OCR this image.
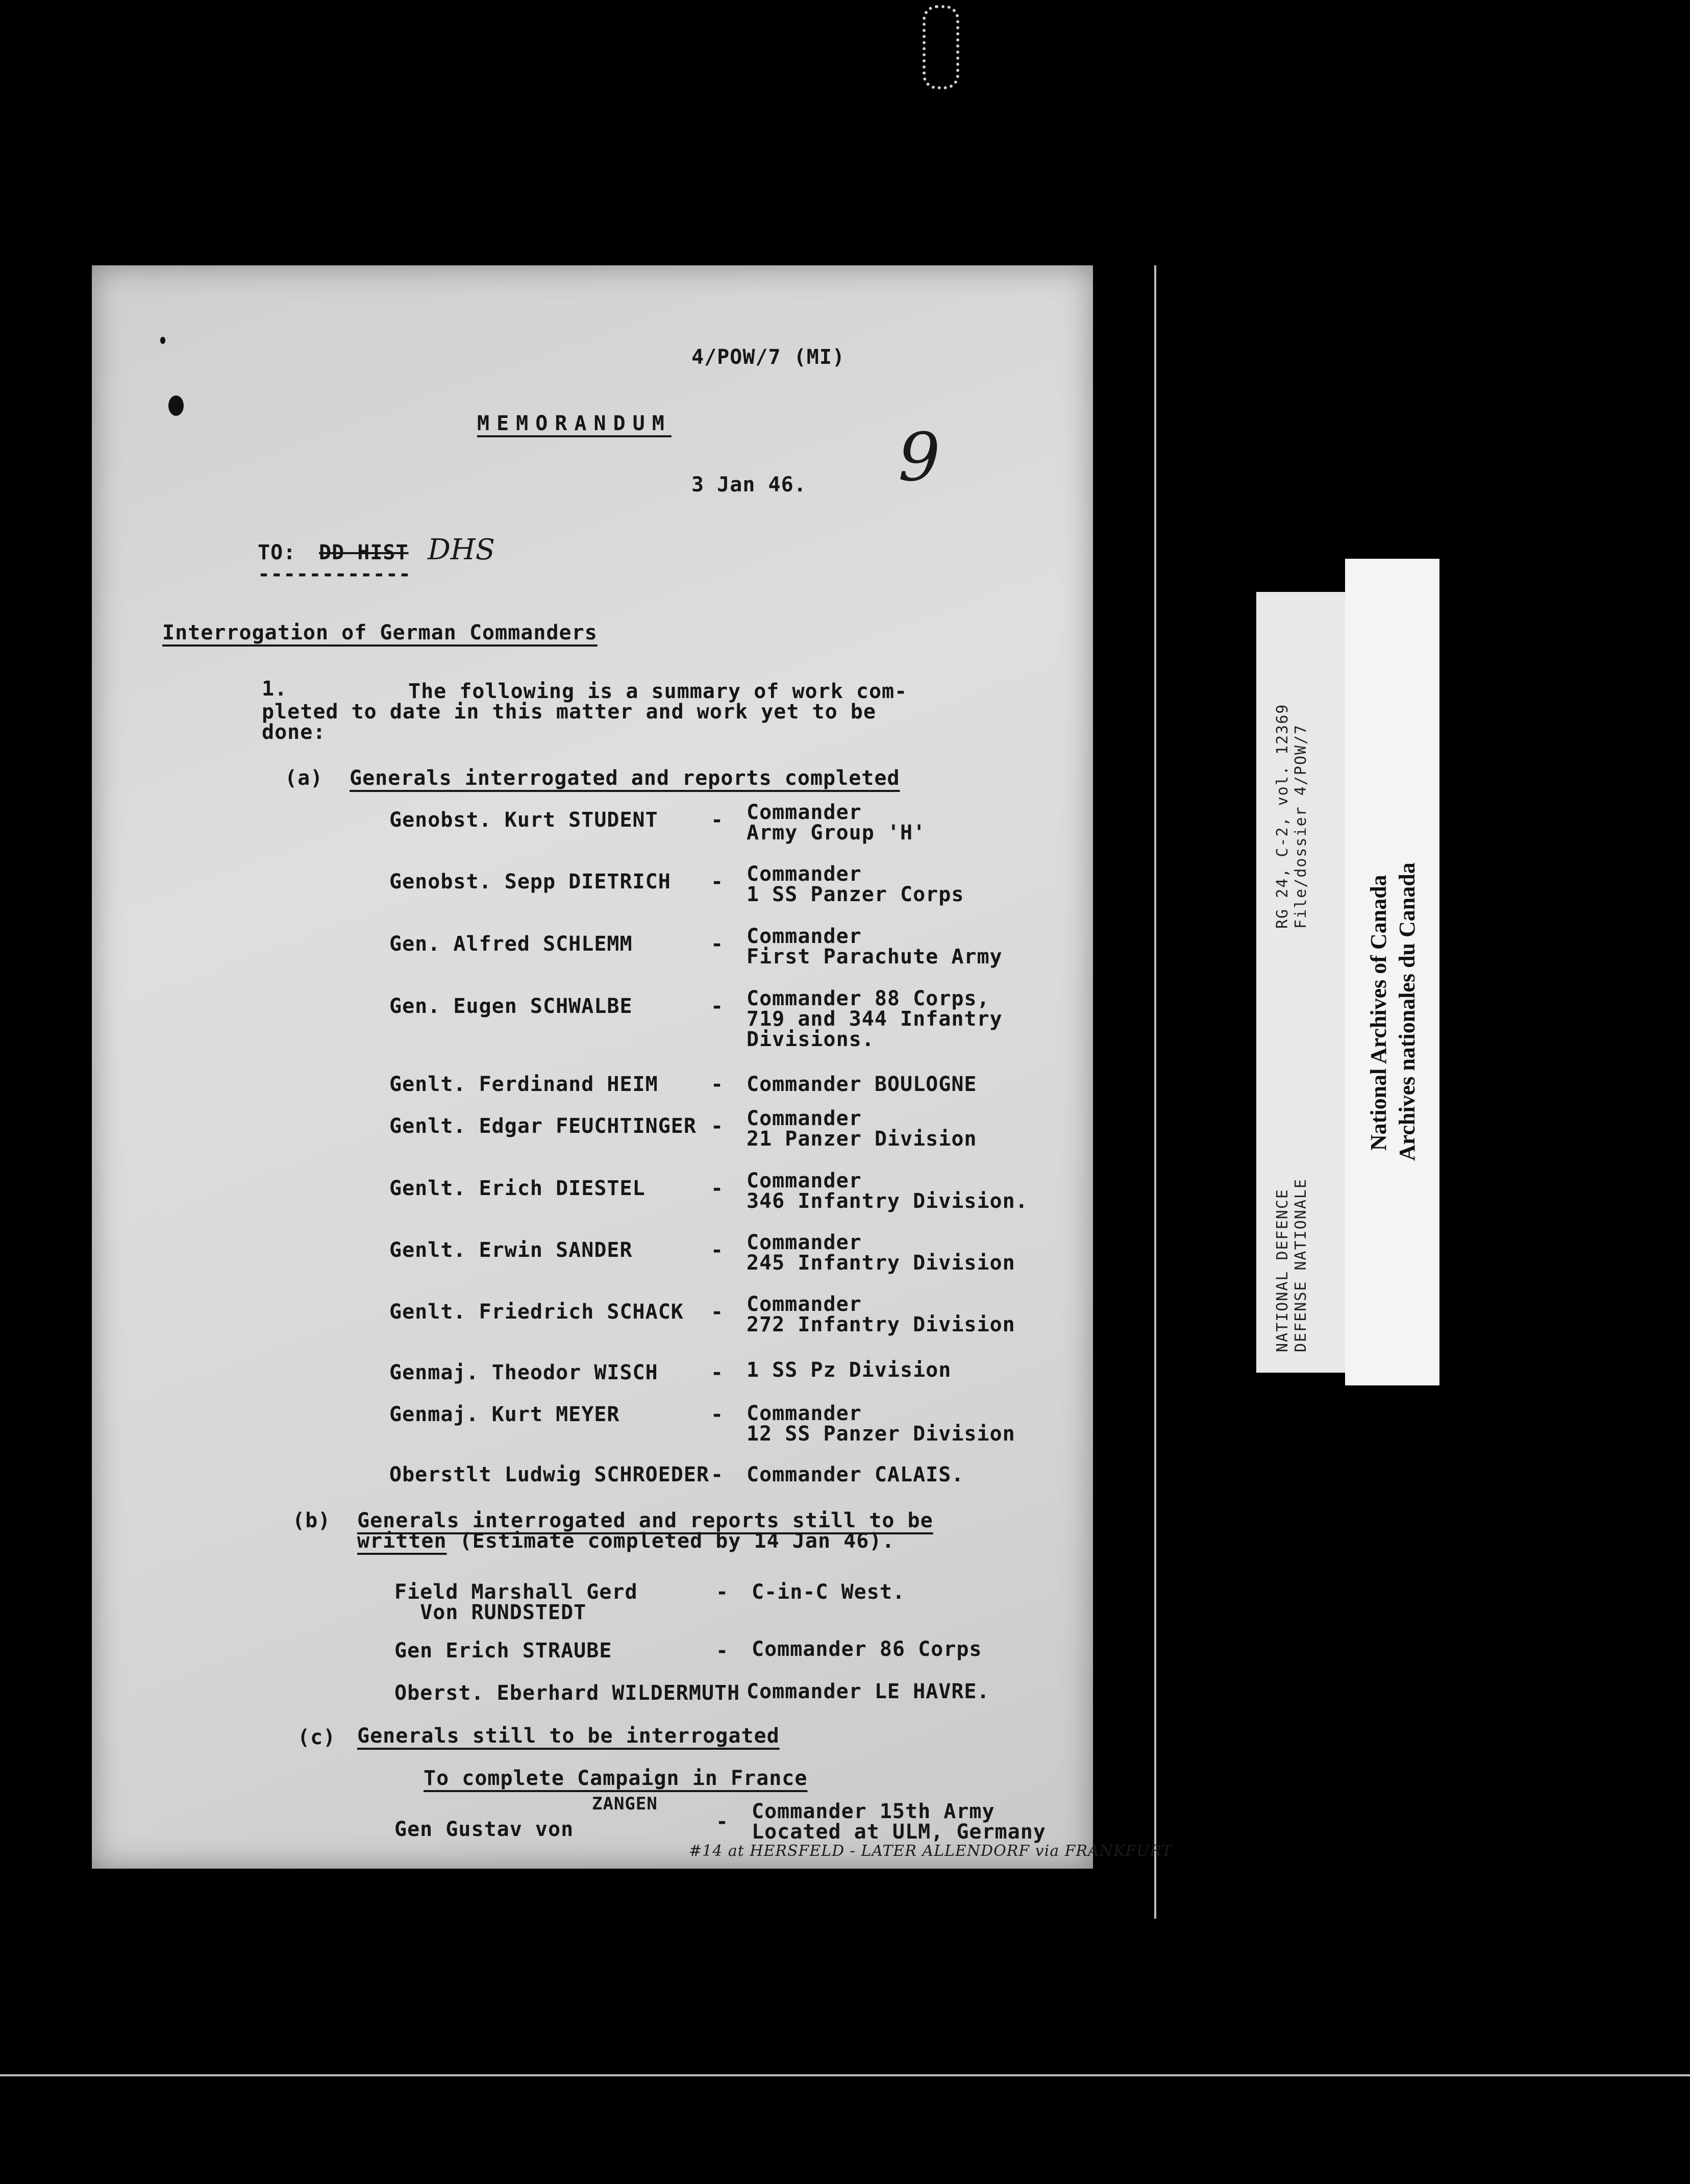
4/POW/7 (MI)
MEMORANDUM	9
3 Jan 46.
TO: DD HIST DHS
------------
Interrogation of German Commanders
1.	The following is a summary of work com-
pleted to date in this matter and work yet to be
done:
(a) Generals interrogated and reports completed
Genobst. Kurt STUDENT	- Commander
Army Group 'H'
Genobst. Sepp DIETRICH - Commander
1 SS Panzer Corps
Gen. Alfred SCHLEMM	- Commander
First Parachute Army
Gen. Eugen SCHWALBE	- Commander 88 Corps,
719 and 344 Infantry
Divisions.
Genlt. Ferdinand HEIM	- Commander BOULOGNE
Genlt. Edgar FEUCHTINGER - Commander
21 Panzer Division
Genlt. Erich DIESTEL	- Commander
346 Infantry Division.
Genlt. Erwin SANDER	- Commander
245 Infantry Division
Genlt. Friedrich SCHACK - Commander
272 Infantry Division
Genmaj. Theodor WISCH	- 1 SS Pz Division
Genmaj. Kurt MEYER	- Commander
12 SS Panzer Division
Oberstlt Ludwig SCHROEDER - Commander CALAIS.
(b) Generals interrogated and reports still to be
written (Estimate completed by 14 Jan 46).
Field Marshall Gerd
Von RUNDSTEDT
- C-in-C West.
Gen Erich STRAUBE	- Commander 86 Corps
Oberst. Eberhard WILDERMUTH Commander LE HAVRE.
(c) Generals still to be interrogated
To complete Campaign in France
Gen Gustav von
ZANGEN
- Commander 15th Army
Located at ULM, Germany
#14 at HERSFELD - LATER ALLENDORF via FRANKFURT
NATIONAL DEFENCE DEFENSE NATIONALE
RG 24, C-2, vol. 12369 File/dossier 4/POW/7
National Archives of Canada Archives nationales du Canada
